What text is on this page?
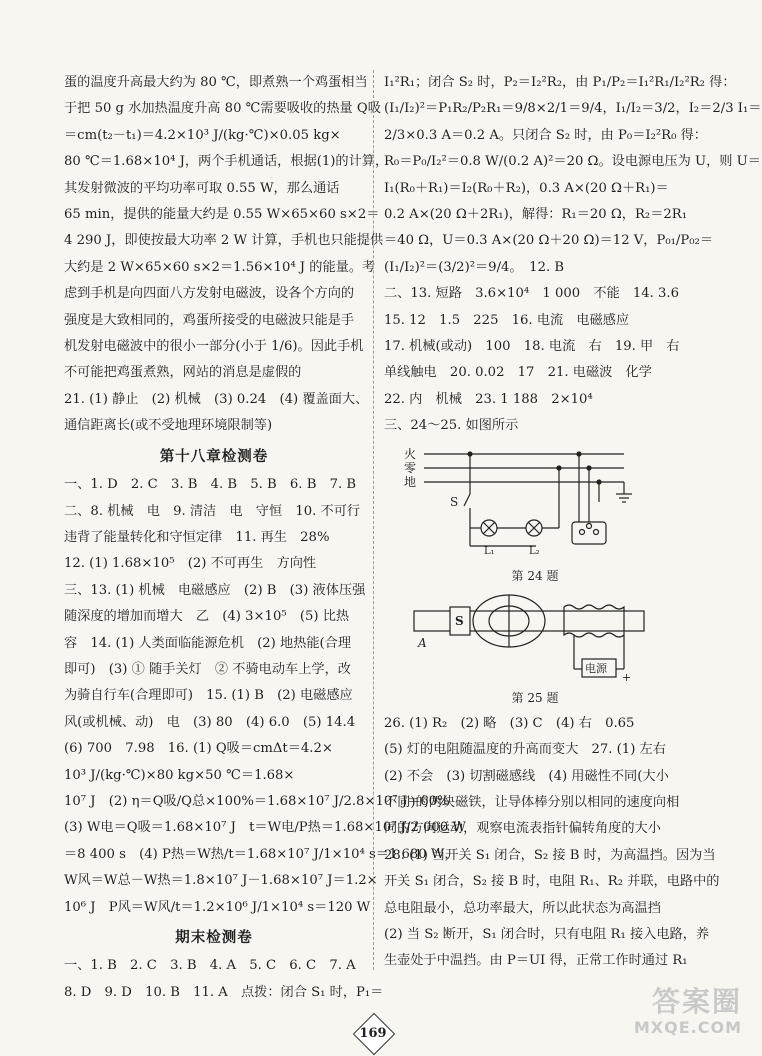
蛋的温度升高最大约为 80 ℃，即煮熟一个鸡蛋相当
于把 50 g 水加热温度升高 80 ℃需要吸收的热量 Q吸
＝cm(t₂－t₁)＝4.2×10³ J/(kg·℃)×0.05 kg×
80 ℃＝1.68×10⁴ J，两个手机通话，根据(1)的计算，
其发射微波的平均功率可取 0.55 W，那么通话
65 min，提供的能量大约是 0.55 W×65×60 s×2＝
4 290 J，即使按最大功率 2 W 计算，手机也只能提供
大约是 2 W×65×60 s×2＝1.56×10⁴ J 的能量。考
虑到手机是向四面八方发射电磁波，设各个方向的
强度是大致相同的，鸡蛋所接受的电磁波只能是手
机发射电磁波中的很小一部分(小于 1/6)。因此手机
不可能把鸡蛋煮熟，网站的消息是虚假的
21. (1) 静止　(2) 机械　(3) 0.24　(4) 覆盖面大、
通信距离长(或不受地理环境限制等)
第十八章检测卷
一、1. D　2. C　3. B　4. B　5. B　6. B　7. B
二、8. 机械　电　9. 清洁　电　守恒　10. 不可行
违背了能量转化和守恒定律　11. 再生　28%
12. (1) 1.68×10⁵　(2) 不可再生　方向性
三、13. (1) 机械　电磁感应　(2) B　(3) 液体压强
随深度的增加而增大　乙　(4) 3×10⁵　(5) 比热
容　14. (1) 人类面临能源危机　(2) 地热能(合理
即可)　(3) ① 随手关灯　② 不骑电动车上学，改
为骑自行车(合理即可)　15. (1) B　(2) 电磁感应
风(或机械、动)　电　(3) 80　(4) 6.0　(5) 14.4
(6) 700　7.98　16. (1) Q吸＝cmΔt＝4.2×
10³ J/(kg·℃)×80 kg×50 ℃＝1.68×
10⁷ J　(2) η＝Q吸/Q总×100%＝1.68×10⁷ J/2.8×10⁷ J＝60%
(3) W电＝Q吸＝1.68×10⁷ J　t＝W电/P热＝1.68×10⁷ J/2 000 W
＝8 400 s　(4) P热＝W热/t＝1.68×10⁷ J/1×10⁴ s＝1 680 W，
W风＝W总－W热＝1.8×10⁷ J－1.68×10⁷ J＝1.2×
10⁶ J　P风＝W风/t＝1.2×10⁶ J/1×10⁴ s＝120 W
期末检测卷
一、1. B　2. C　3. B　4. A　5. C　6. C　7. A
8. D　9. D　10. B　11. A　点拨：闭合 S₁ 时，P₁＝
I₁²R₁；闭合 S₂ 时，P₂＝I₂²R₂，由 P₁/P₂＝I₁²R₁/I₂²R₂ 得：
(I₁/I₂)²＝P₁R₂/P₂R₁＝9/8×2/1＝9/4，I₁/I₂＝3/2，I₂＝2/3 I₁＝
2/3×0.3 A＝0.2 A。只闭合 S₂ 时，由 P₀＝I₂²R₀ 得：
R₀＝P₀/I₂²＝0.8 W/(0.2 A)²＝20 Ω。设电源电压为 U，则 U＝
I₁(R₀＋R₁)＝I₂(R₀＋R₂)，0.3 A×(20 Ω＋R₁)＝
0.2 A×(20 Ω＋2R₁)，解得：R₁＝20 Ω，R₂＝2R₁
＝40 Ω，U＝0.3 A×(20 Ω＋20 Ω)＝12 V，P₀₁/P₀₂＝
(I₁/I₂)²＝(3/2)²＝9/4。　12. B
二、13. 短路　3.6×10⁴　1 000　不能　14. 3.6
15. 12　1.5　225　16. 电流　电磁感应
17. 机械(或动)　100　18. 电流　右　19. 甲　右
单线触电　20. 0.02　17　21. 电磁波　化学
22. 内　机械　23. 1 188　2×10⁴
三、24～25. 如图所示
火
零
地
S
L₁	L₂
第 24 题
S
A
电源
+
第 25 题
26. (1) R₂　(2) 略　(3) C　(4) 右　0.65
(5) 灯的电阻随温度的升高而变大　27. (1) 左右
(2) 不会　(3) 切割磁感线　(4) 用磁性不同(大小
不同)的两块磁铁，让导体棒分别以相同的速度向相
同的方向运动，观察电流表指针偏转角度的大小
28. (1) 当开关 S₁ 闭合，S₂ 接 B 时，为高温挡。因为当
开关 S₁ 闭合，S₂ 接 B 时，电阻 R₁、R₂ 并联，电路中的
总电阻最小，总功率最大，所以此状态为高温挡
(2) 当 S₂ 断开，S₁ 闭合时，只有电阻 R₁ 接入电路，养
生壶处于中温挡。由 P＝UI 得，正常工作时通过 R₁
169
答案圈
MXQE.COM
